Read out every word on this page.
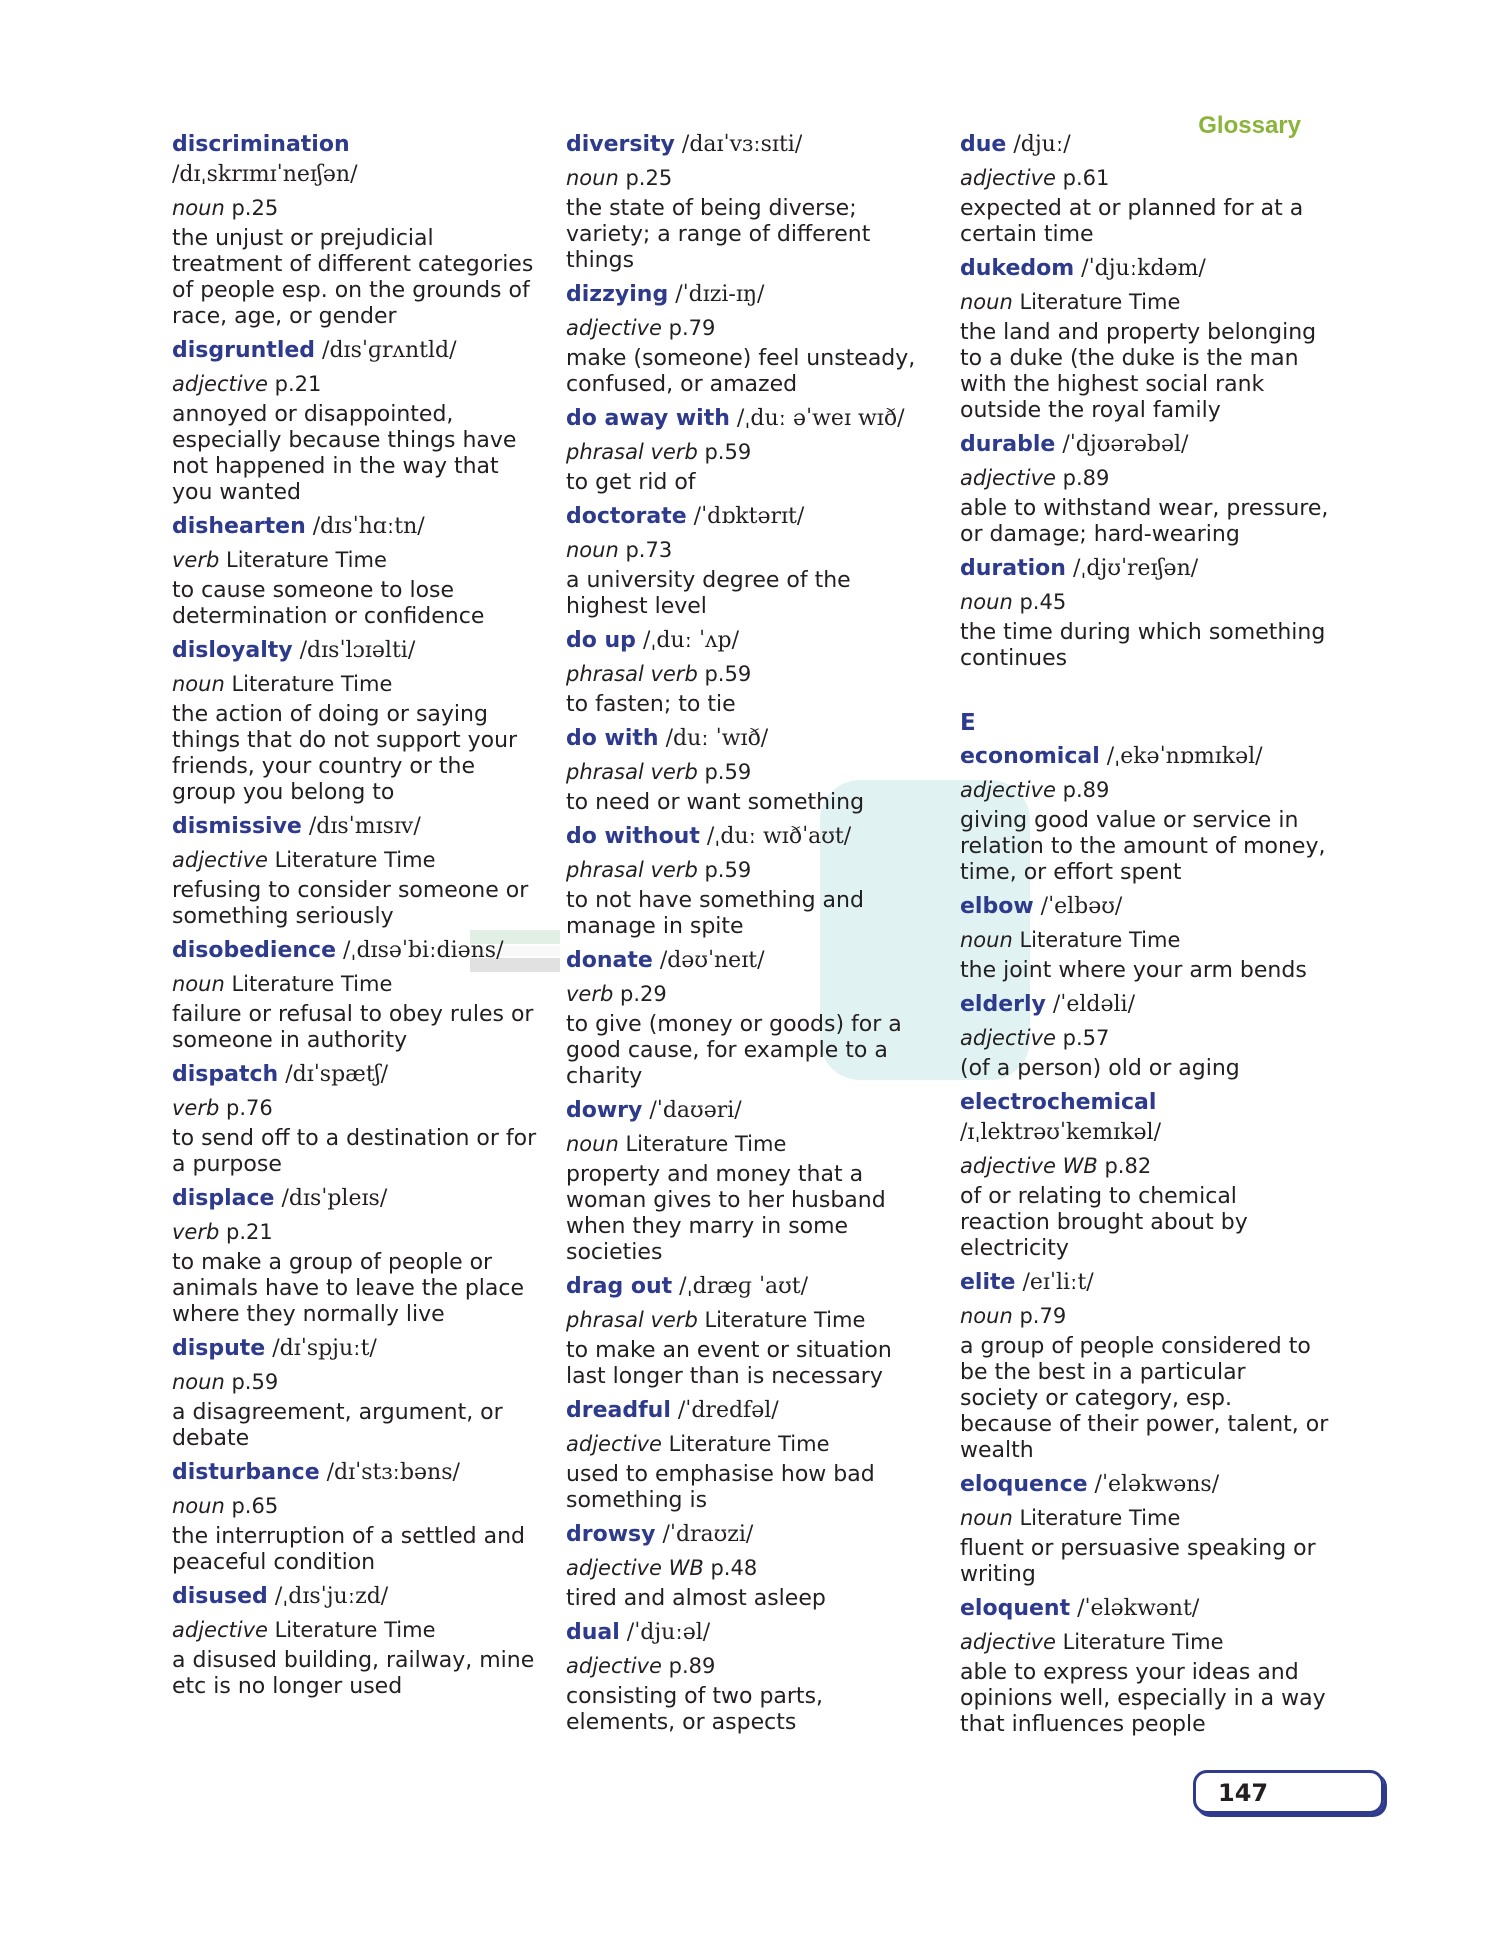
Glossary
discrimination
/dɪˌskrɪmɪˈneɪʃən/
noun p.25
the unjust or prejudicial treatment of different categories of people esp. on the grounds of race, age, or gender
disgruntled /dɪsˈɡrʌntld/
adjective p.21
annoyed or disappointed, especially because things have not happened in the way that you wanted
dishearten /dɪsˈhɑːtn/
verb Literature Time
to cause someone to lose determination or confidence
disloyalty /dɪsˈlɔɪəlti/
noun Literature Time
the action of doing or saying things that do not support your friends, your country or the group you belong to
dismissive /dɪsˈmɪsɪv/
adjective Literature Time
refusing to consider someone or something seriously
disobedience /ˌdɪsəˈbiːdiəns/
noun Literature Time
failure or refusal to obey rules or someone in authority
dispatch /dɪˈspætʃ/
verb p.76
to send off to a destination or for a purpose
displace /dɪsˈpleɪs/
verb p.21
to make a group of people or animals have to leave the place where they normally live
dispute /dɪˈspjuːt/
noun p.59
a disagreement, argument, or debate
disturbance /dɪˈstɜːbəns/
noun p.65
the interruption of a settled and peaceful condition
disused /ˌdɪsˈjuːzd/
adjective Literature Time
a disused building, railway, mine etc is no longer used
diversity /daɪˈvɜːsɪti/
noun p.25
the state of being diverse; variety; a range of different things
dizzying /ˈdɪzi-ɪŋ/
adjective p.79
make (someone) feel unsteady, confused, or amazed
do away with /ˌduː əˈweɪ wɪð/
phrasal verb p.59
to get rid of
doctorate /ˈdɒktərɪt/
noun p.73
a university degree of the highest level
do up /ˌduː ˈʌp/
phrasal verb p.59
to fasten; to tie
do with /duː ˈwɪð/
phrasal verb p.59
to need or want something
do without /ˌduː wɪðˈaʊt/
phrasal verb p.59
to not have something and manage in spite
donate /dəʊˈneɪt/
verb p.29
to give (money or goods) for a good cause, for example to a charity
dowry /ˈdaʊəri/
noun Literature Time
property and money that a woman gives to her husband when they marry in some societies
drag out /ˌdræɡ ˈaʊt/
phrasal verb Literature Time
to make an event or situation last longer than is necessary
dreadful /ˈdredfəl/
adjective Literature Time
used to emphasise how bad something is
drowsy /ˈdraʊzi/
adjective WB p.48
tired and almost asleep
dual /ˈdjuːəl/
adjective p.89
consisting of two parts, elements, or aspects
due /djuː/
adjective p.61
expected at or planned for at a certain time
dukedom /ˈdjuːkdəm/
noun Literature Time
the land and property belonging to a duke (the duke is the man with the highest social rank outside the royal family
durable /ˈdjʊərəbəl/
adjective p.89
able to withstand wear, pressure, or damage; hard-wearing
duration /ˌdjʊˈreɪʃən/
noun p.45
the time during which something continues
E
economical /ˌekəˈnɒmɪkəl/
adjective p.89
giving good value or service in relation to the amount of money, time, or effort spent
elbow /ˈelbəʊ/
noun Literature Time
the joint where your arm bends
elderly /ˈeldəli/
adjective p.57
(of a person) old or aging
electrochemical
/ɪˌlektrəʊˈkemɪkəl/
adjective WB p.82
of or relating to chemical reaction brought about by electricity
elite /eɪˈliːt/
noun p.79
a group of people considered to be the best in a particular society or category, esp. because of their power, talent, or wealth
eloquence /ˈeləkwəns/
noun Literature Time
fluent or persuasive speaking or writing
eloquent /ˈeləkwənt/
adjective Literature Time
able to express your ideas and opinions well, especially in a way that influences people
147
